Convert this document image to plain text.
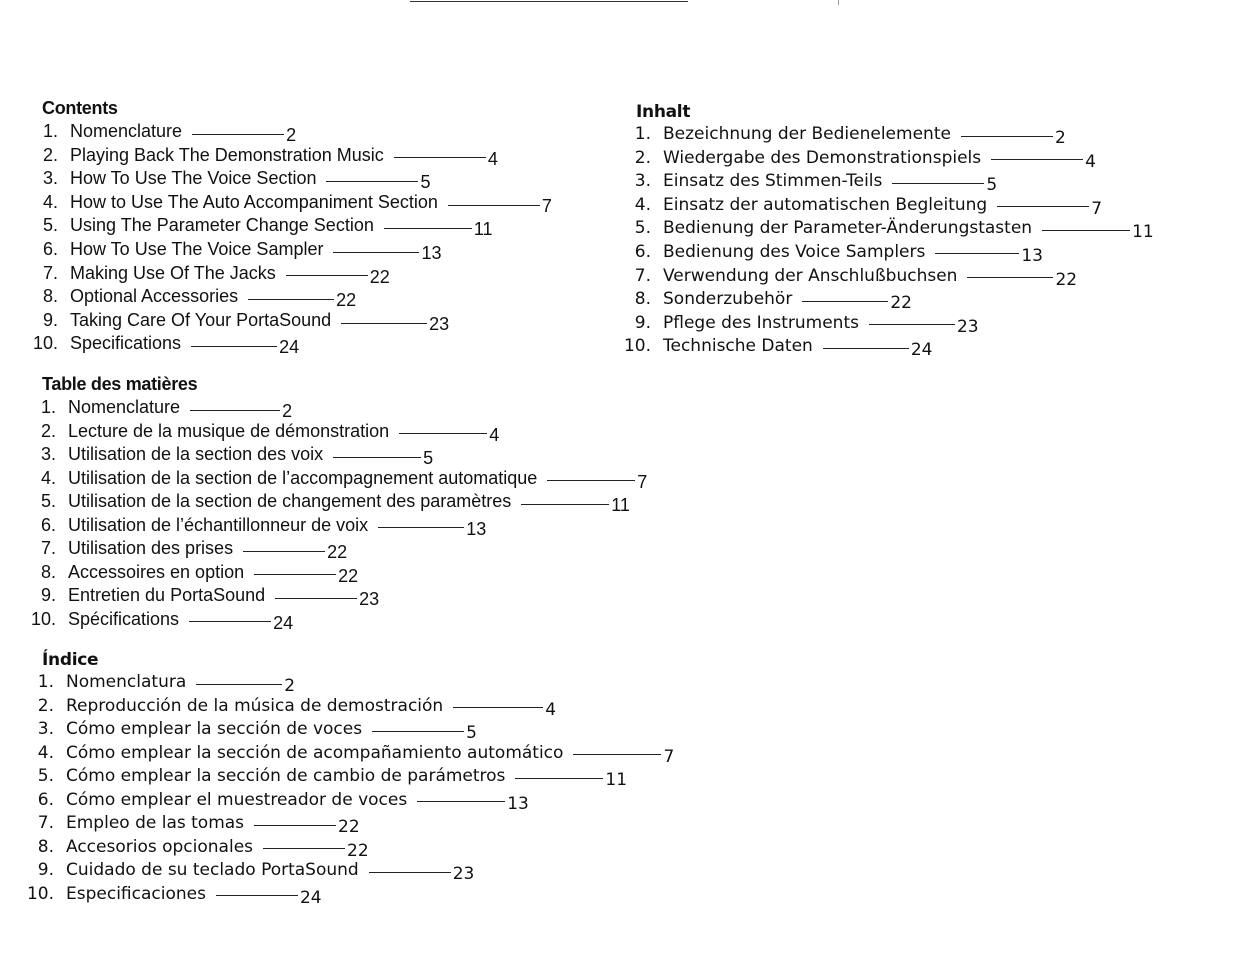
Contents
1. Nomenclature	2
2. Playing Back The Demonstration Music	4
3. How To Use The Voice Section	5
4. How to Use The Auto Accompaniment Section	7
5. Using The Parameter Change Section	11
6. How To Use The Voice Sampler	13
7. Making Use Of The Jacks	22
8. Optional Accessories	22
9. Taking Care Of Your PortaSound	23
10. Specifications	24
Table des matières
1. Nomenclature	2
2. Lecture de la musique de démonstration	4
3. Utilisation de la section des voix	5
4. Utilisation de la section de l’accompagnement automatique	7
5. Utilisation de la section de changement des paramètres	11
6. Utilisation de l’échantillonneur de voix	13
7. Utilisation des prises	22
8. Accessoires en option	22
9. Entretien du PortaSound	23
10. Spécifications	24
Índice
1. Nomenclatura	2
2. Reproducción de la música de demostración	4
3. Cómo emplear la sección de voces	5
4. Cómo emplear la sección de acompañamiento automático	7
5. Cómo emplear la sección de cambio de parámetros	11
6. Cómo emplear el muestreador de voces	13
7. Empleo de las tomas	22
8. Accesorios opcionales	22
9. Cuidado de su teclado PortaSound	23
10. Especificaciones	24
Inhalt
1. Bezeichnung der Bedienelemente	2
2. Wiedergabe des Demonstrationspiels	4
3. Einsatz des Stimmen-Teils	5
4. Einsatz der automatischen Begleitung	7
5. Bedienung der Parameter-Änderungstasten	11
6. Bedienung des Voice Samplers	13
7. Verwendung der Anschlußbuchsen	22
8. Sonderzubehör	22
9. Pflege des Instruments	23
10. Technische Daten	24
